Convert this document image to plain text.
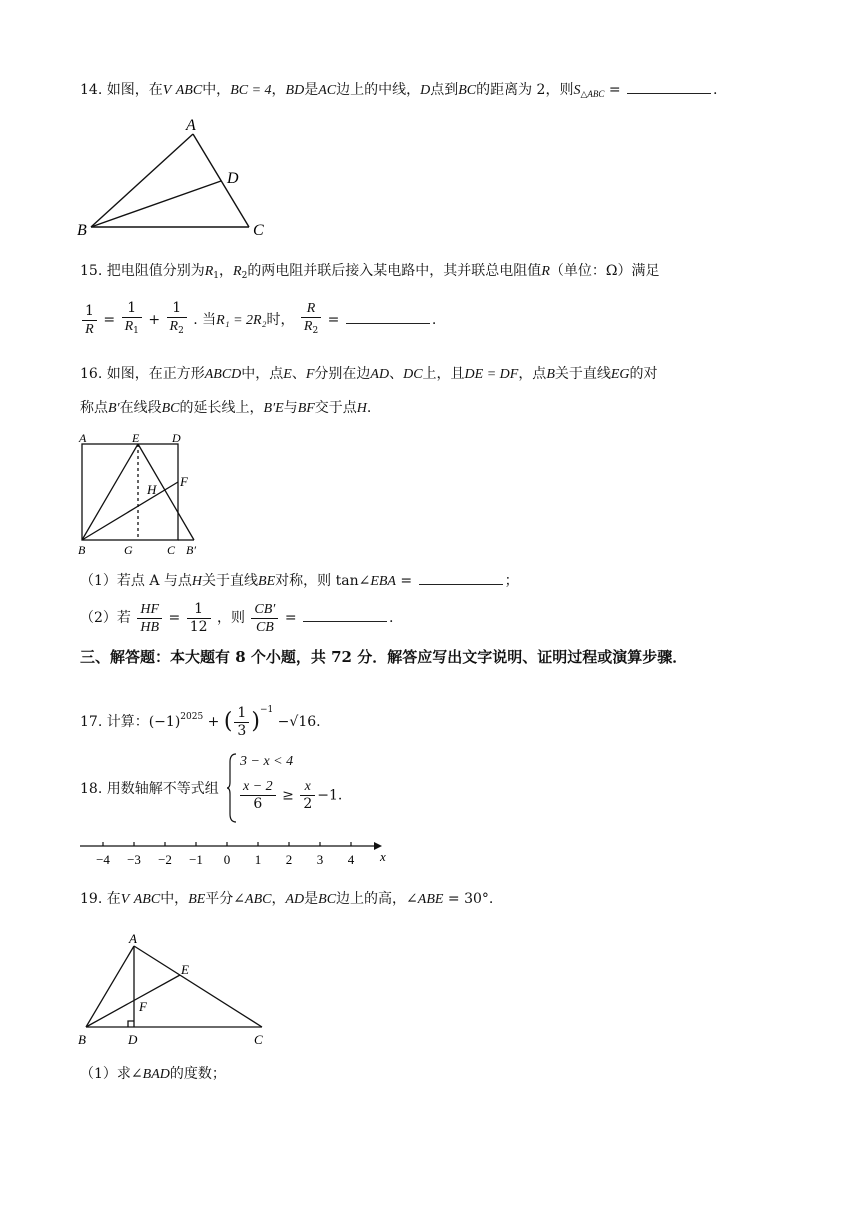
14. 如图，在V ABC中，BC = 4，BD是AC边上的中线，D点到BC的距离为 2，则$S_{\triangle ABC}$ =	.
A
D
B	C
15. 把电阻值分别为$R_1$，$R_2$的两电阻并联后接入某电路中，其并联总电阻值R（单位：Ω）满足
$\frac{1}{R} = \frac{1}{R_1} + \frac{1}{R_2}$ . 当R₁ = 2R₂时， $\frac{R}{R_2}$ =	.
16. 如图，在正方形ABCD中，点E、F分别在边AD、DC上，且DE = DF，点B关于直线EG的对
称点B′在线段BC的延长线上，B′E与BF交于点H.
A	E	D
H
F
B	G	C B′
（1）若点 A 与点H关于直线BE对称，则 tan∠EBA =	；
（2）若 $\frac{HF}{HB} = \frac{1}{12}$ ，则 $\frac{CB'}{CB}$ =	.
三、解答题：本大题有 8 个小题，共 72 分．解答应写出文字说明、证明过程或演算步骤．
17. 计算：$(-1)^{2025}$ + ( $\frac{1}{3} )^{-1} -√16$.
18. 用数轴解不等式组
3 − x < 4
$\frac{x - 2}{6} \ge \frac{x}{2} -1$.
−4 −3 −2 −1 0 1 2 3 4 x
19. 在V ABC中，BE平分∠ABC，AD是BC边上的高，∠ABE = 30°.
A
E
F
B	D	C
（1）求∠BAD的度数；
